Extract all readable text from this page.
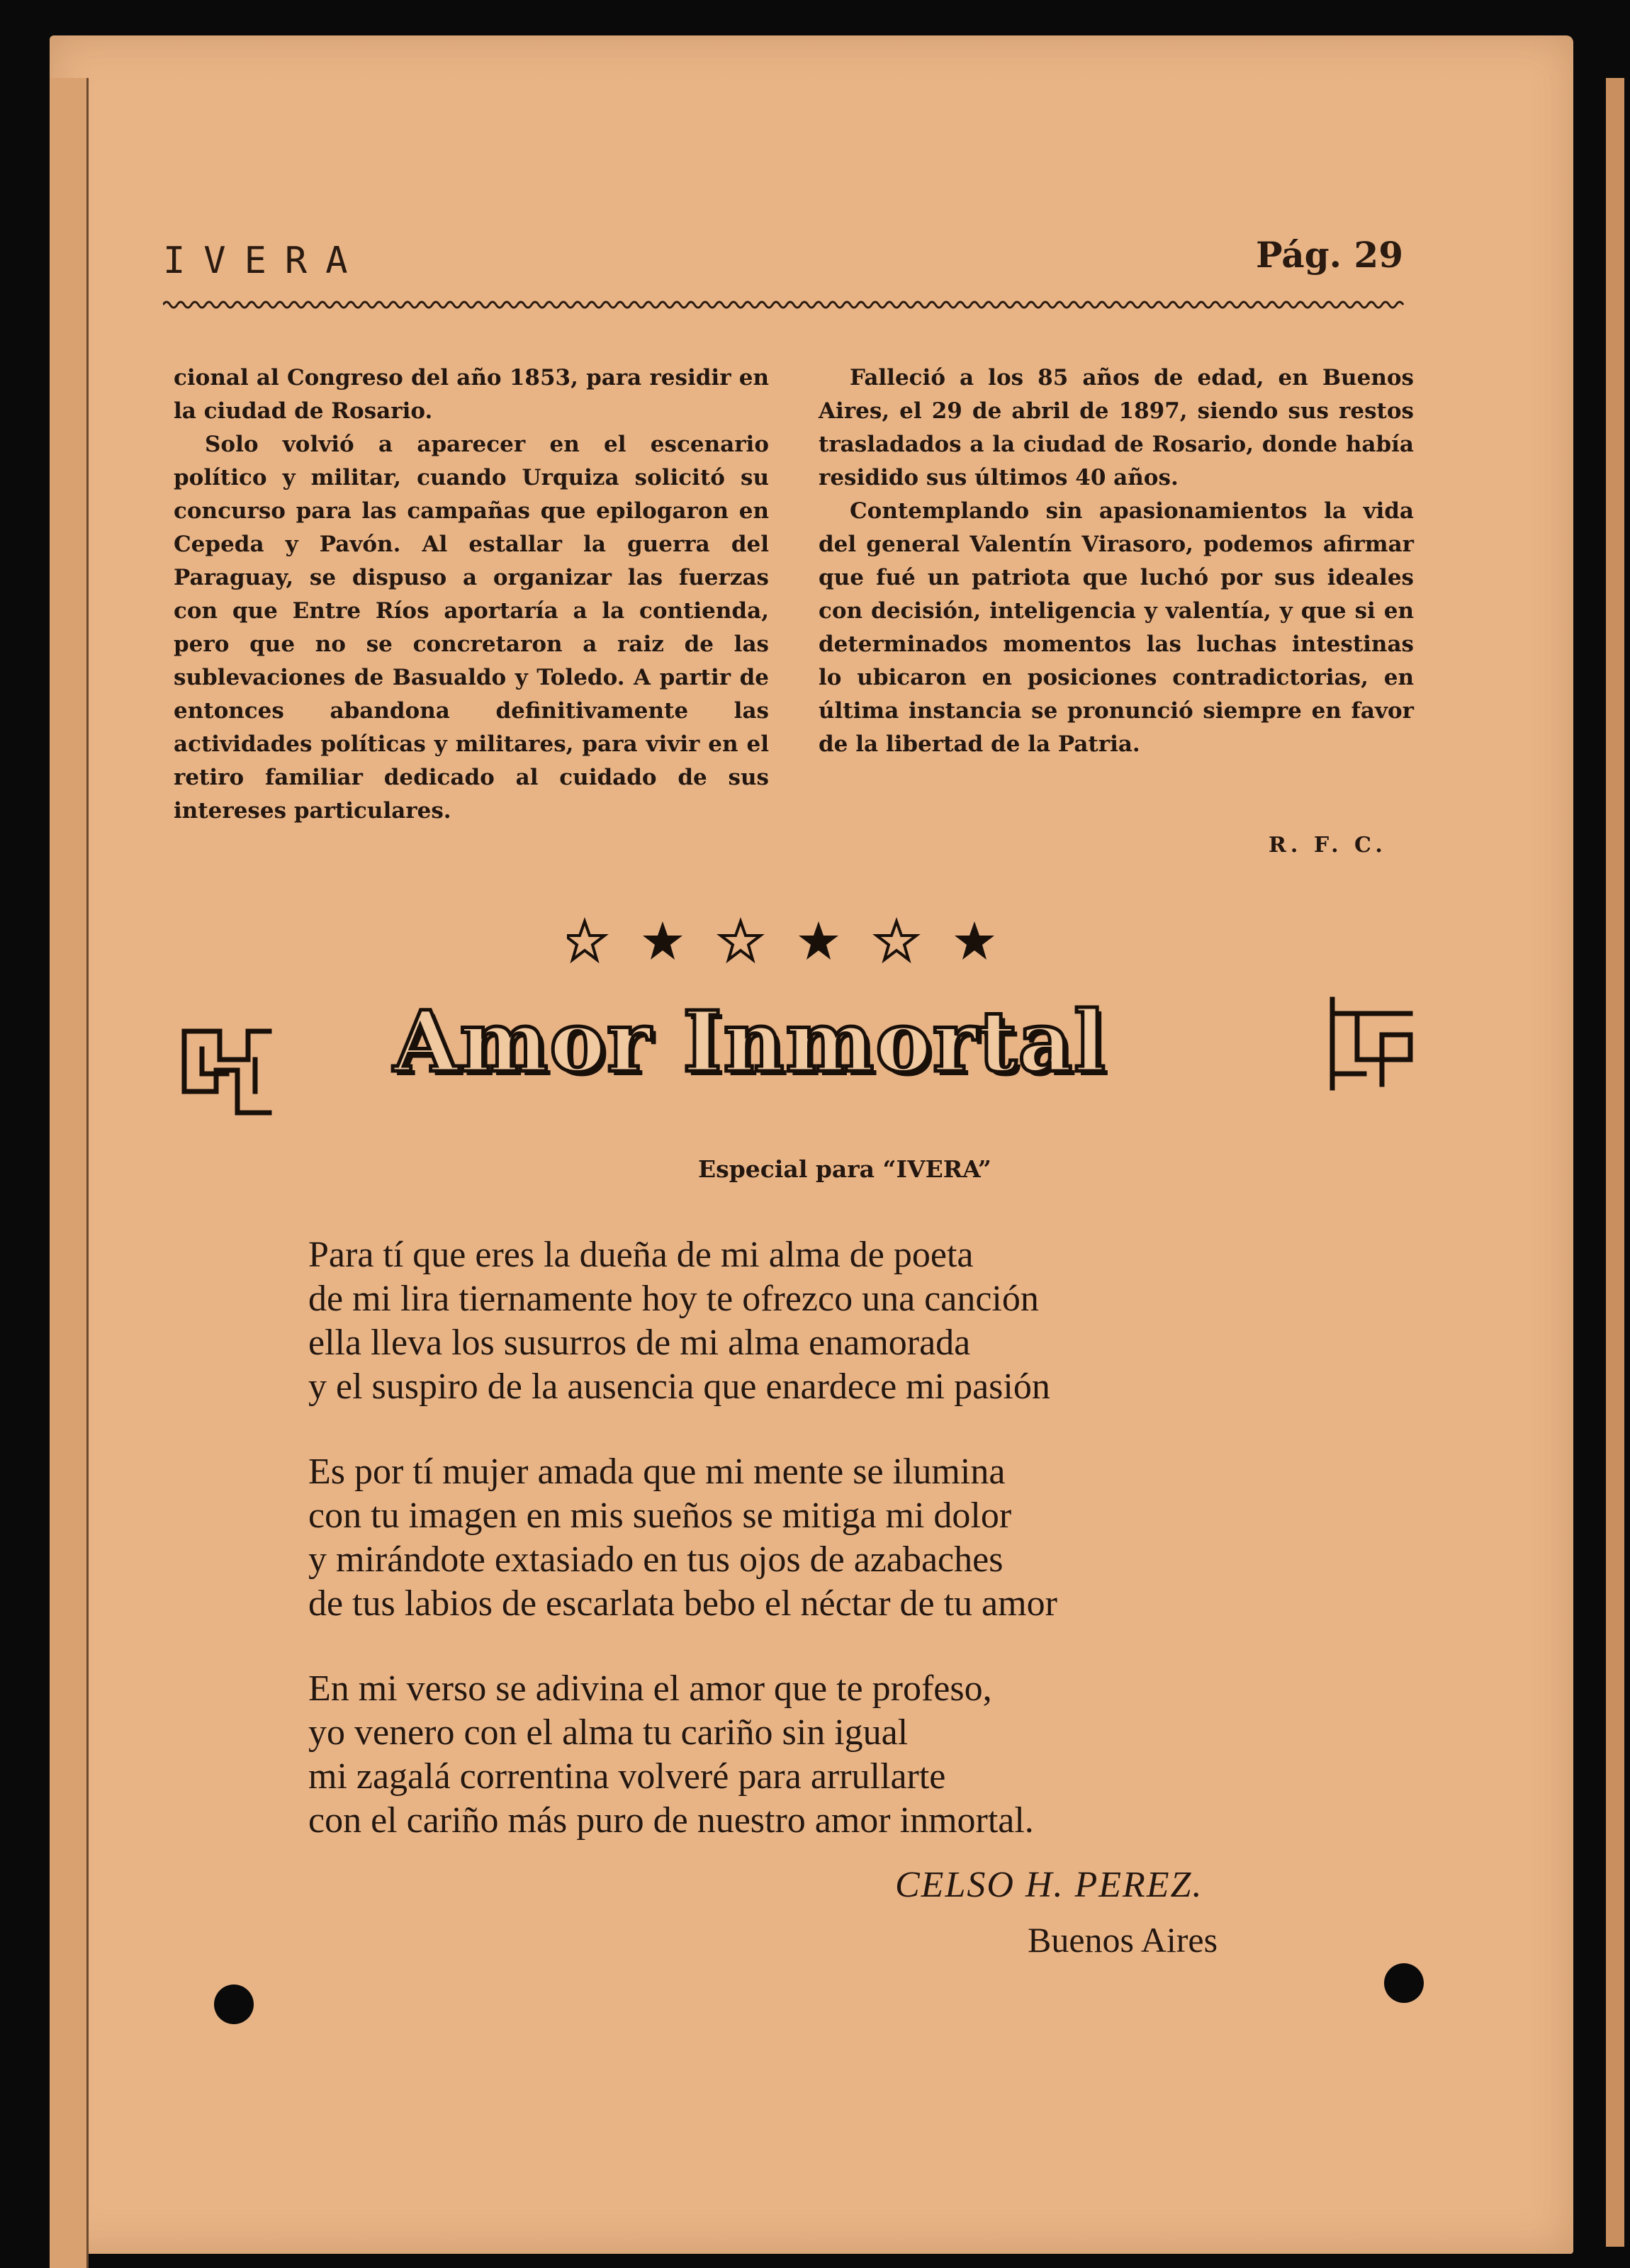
IVERA	Pág. 29

cional al Congreso del año 1853, para residir en la ciudad de Rosario.

Solo volvió a aparecer en el escenario político y militar, cuando Urquiza solicitó su concurso para las campañas que epilogaron en Cepeda y Pavón. Al estallar la guerra del Paraguay, se dispuso a organizar las fuerzas con que Entre Ríos aportaría a la contienda, pero que no se concretaron a raiz de las sublevaciones de Basualdo y Toledo. A partir de entonces abandona definitivamente las actividades políticas y militares, para vivir en el retiro familiar dedicado al cuidado de sus intereses particulares.

Falleció a los 85 años de edad, en Buenos Aires, el 29 de abril de 1897, siendo sus restos trasladados a la ciudad de Rosario, donde había residido sus últimos 40 años.

Contemplando sin apasionamientos la vida del general Valentín Virasoro, podemos afirmar que fué un patriota que luchó por sus ideales con decisión, inteligencia y valentía, y que si en determinados momentos las luchas intestinas lo ubicaron en posiciones contradictorias, en última instancia se pronunció siempre en favor de la libertad de la Patria.

R. F. C.
Amor Inmortal
Especial para “IVERA”
Para tí que eres la dueña de mi alma de poeta
de mi lira tiernamente hoy te ofrezco una canción
ella lleva los susurros de mi alma enamorada
y el suspiro de la ausencia que enardece mi pasión
Es por tí mujer amada que mi mente se ilumina
con tu imagen en mis sueños se mitiga mi dolor
y mirándote extasiado en tus ojos de azabaches
de tus labios de escarlata bebo el néctar de tu amor
En mi verso se adivina el amor que te profeso,
yo venero con el alma tu cariño sin igual
mi zagalá correntina volveré para arrullarte
con el cariño más puro de nuestro amor inmortal.
CELSO H. PEREZ.
Buenos Aires
